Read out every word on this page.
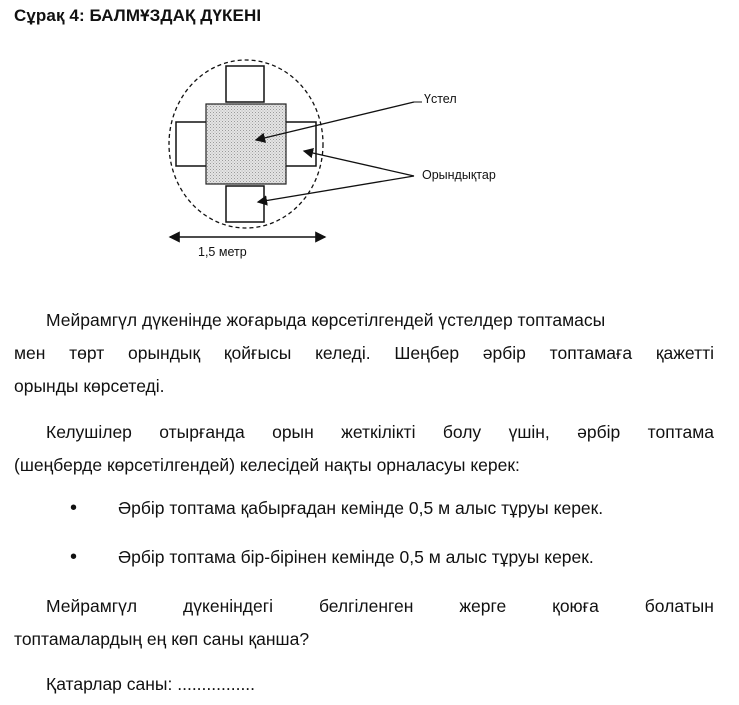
Сұрақ 4: БАЛМҰЗДАҚ ДҮКЕНІ
Үстел
Орындықтар
1,5 метр
Мейрамгүл дүкенінде жоғарыда көрсетілгендей үстелдер топтамасы
мен төрт орындық қойғысы келеді. Шеңбер әрбір топтамаға қажетті
орынды көрсетеді.
Келушілер отырғанда орын жеткілікті болу үшін, әрбір топтама
(шеңберде көрсетілгендей) келесідей нақты орналасуы керек:
• Әрбір топтама қабырғадан кемінде 0,5 м алыс тұруы керек.
• Әрбір топтама бір-бірінен кемінде 0,5 м алыс тұруы керек.
Мейрамгүл	дүкеніндегі	белгіленген	жерге	қоюға	болатын
топтамалардың ең көп саны қанша?
Қатарлар саны: ................
